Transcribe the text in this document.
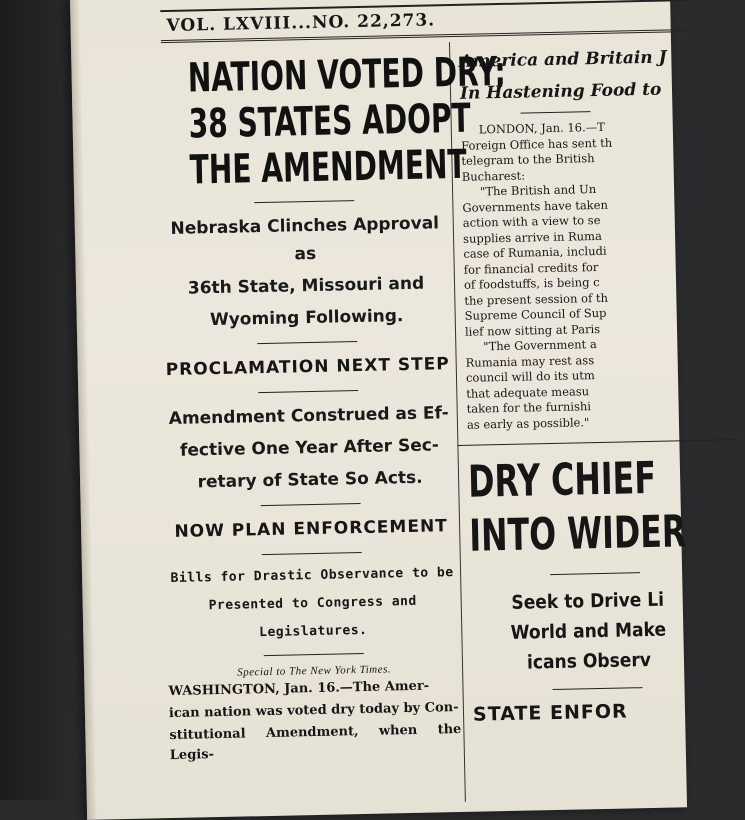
VOL. LXVIII...NO. 22,273.
NATION VOTED DRY;
38 STATES ADOPT
THE AMENDMENT
Nebraska Clinches Approval as
36th State, Missouri and
Wyoming Following.
PROCLAMATION NEXT STEP
Amendment Construed as Ef-
fective One Year After Sec-
retary of State So Acts.
NOW PLAN ENFORCEMENT
Bills for Drastic Observance to be
Presented to Congress and
Legislatures.
Special to The New York Times.
WASHINGTON, Jan. 16.—The Amer-
ican nation was voted dry today by Con-
stitutional Amendment, when the Legis-
America and Britain J
In Hastening Food to
LONDON, Jan. 16.—T
Foreign Office has sent th
telegram to the British
Bucharest:
"The British and Un
Governments have taken
action with a view to se
supplies arrive in Ruma
case of Rumania, includi
for financial credits for
of foodstuffs, is being c
the present session of th
Supreme Council of Sup
lief now sitting at Paris
"The Government a
Rumania may rest ass
council will do its utm
that adequate measu
taken for the furnishi
as early as possible."
DRY CHIEF
INTO WIDER
Seek to Drive Li
World and Make
icans Observ
STATE ENFOR
